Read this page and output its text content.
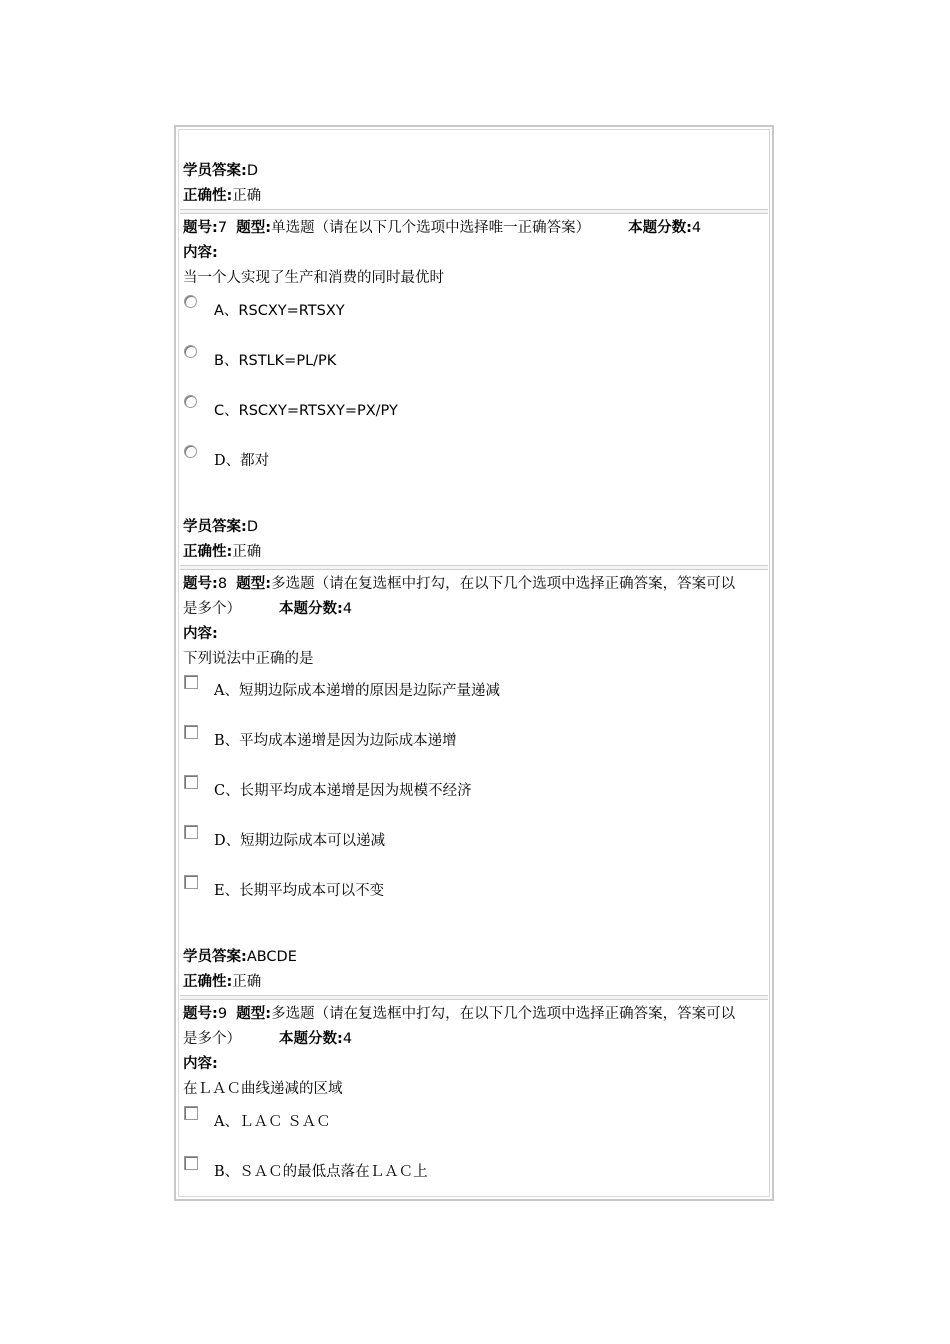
学员答案:D
正确性:正确
题号:7 题型:单选题（请在以下几个选项中选择唯一正确答案）	本题分数:4
内容:
当一个人实现了生产和消费的同时最优时
A、RSCXY=RTSXY
B、RSTLK=PL/PK
C、RSCXY=RTSXY=PX/PY
D、都对
学员答案:D
正确性:正确
题号:8 题型:多选题（请在复选框中打勾，在以下几个选项中选择正确答案，答案可以
是多个）	本题分数:4
内容:
下列说法中正确的是
A、短期边际成本递增的原因是边际产量递减
B、平均成本递增是因为边际成本递增
C、长期平均成本递增是因为规模不经济
D、短期边际成本可以递减
E、长期平均成本可以不变
学员答案:ABCDE
正确性:正确
题号:9 题型:多选题（请在复选框中打勾，在以下几个选项中选择正确答案，答案可以
是多个）	本题分数:4
内容:
在ＬＡＣ曲线递减的区域
A、ＬＡＣ ＳＡＣ
B、ＳＡＣ的最低点落在ＬＡＣ上
